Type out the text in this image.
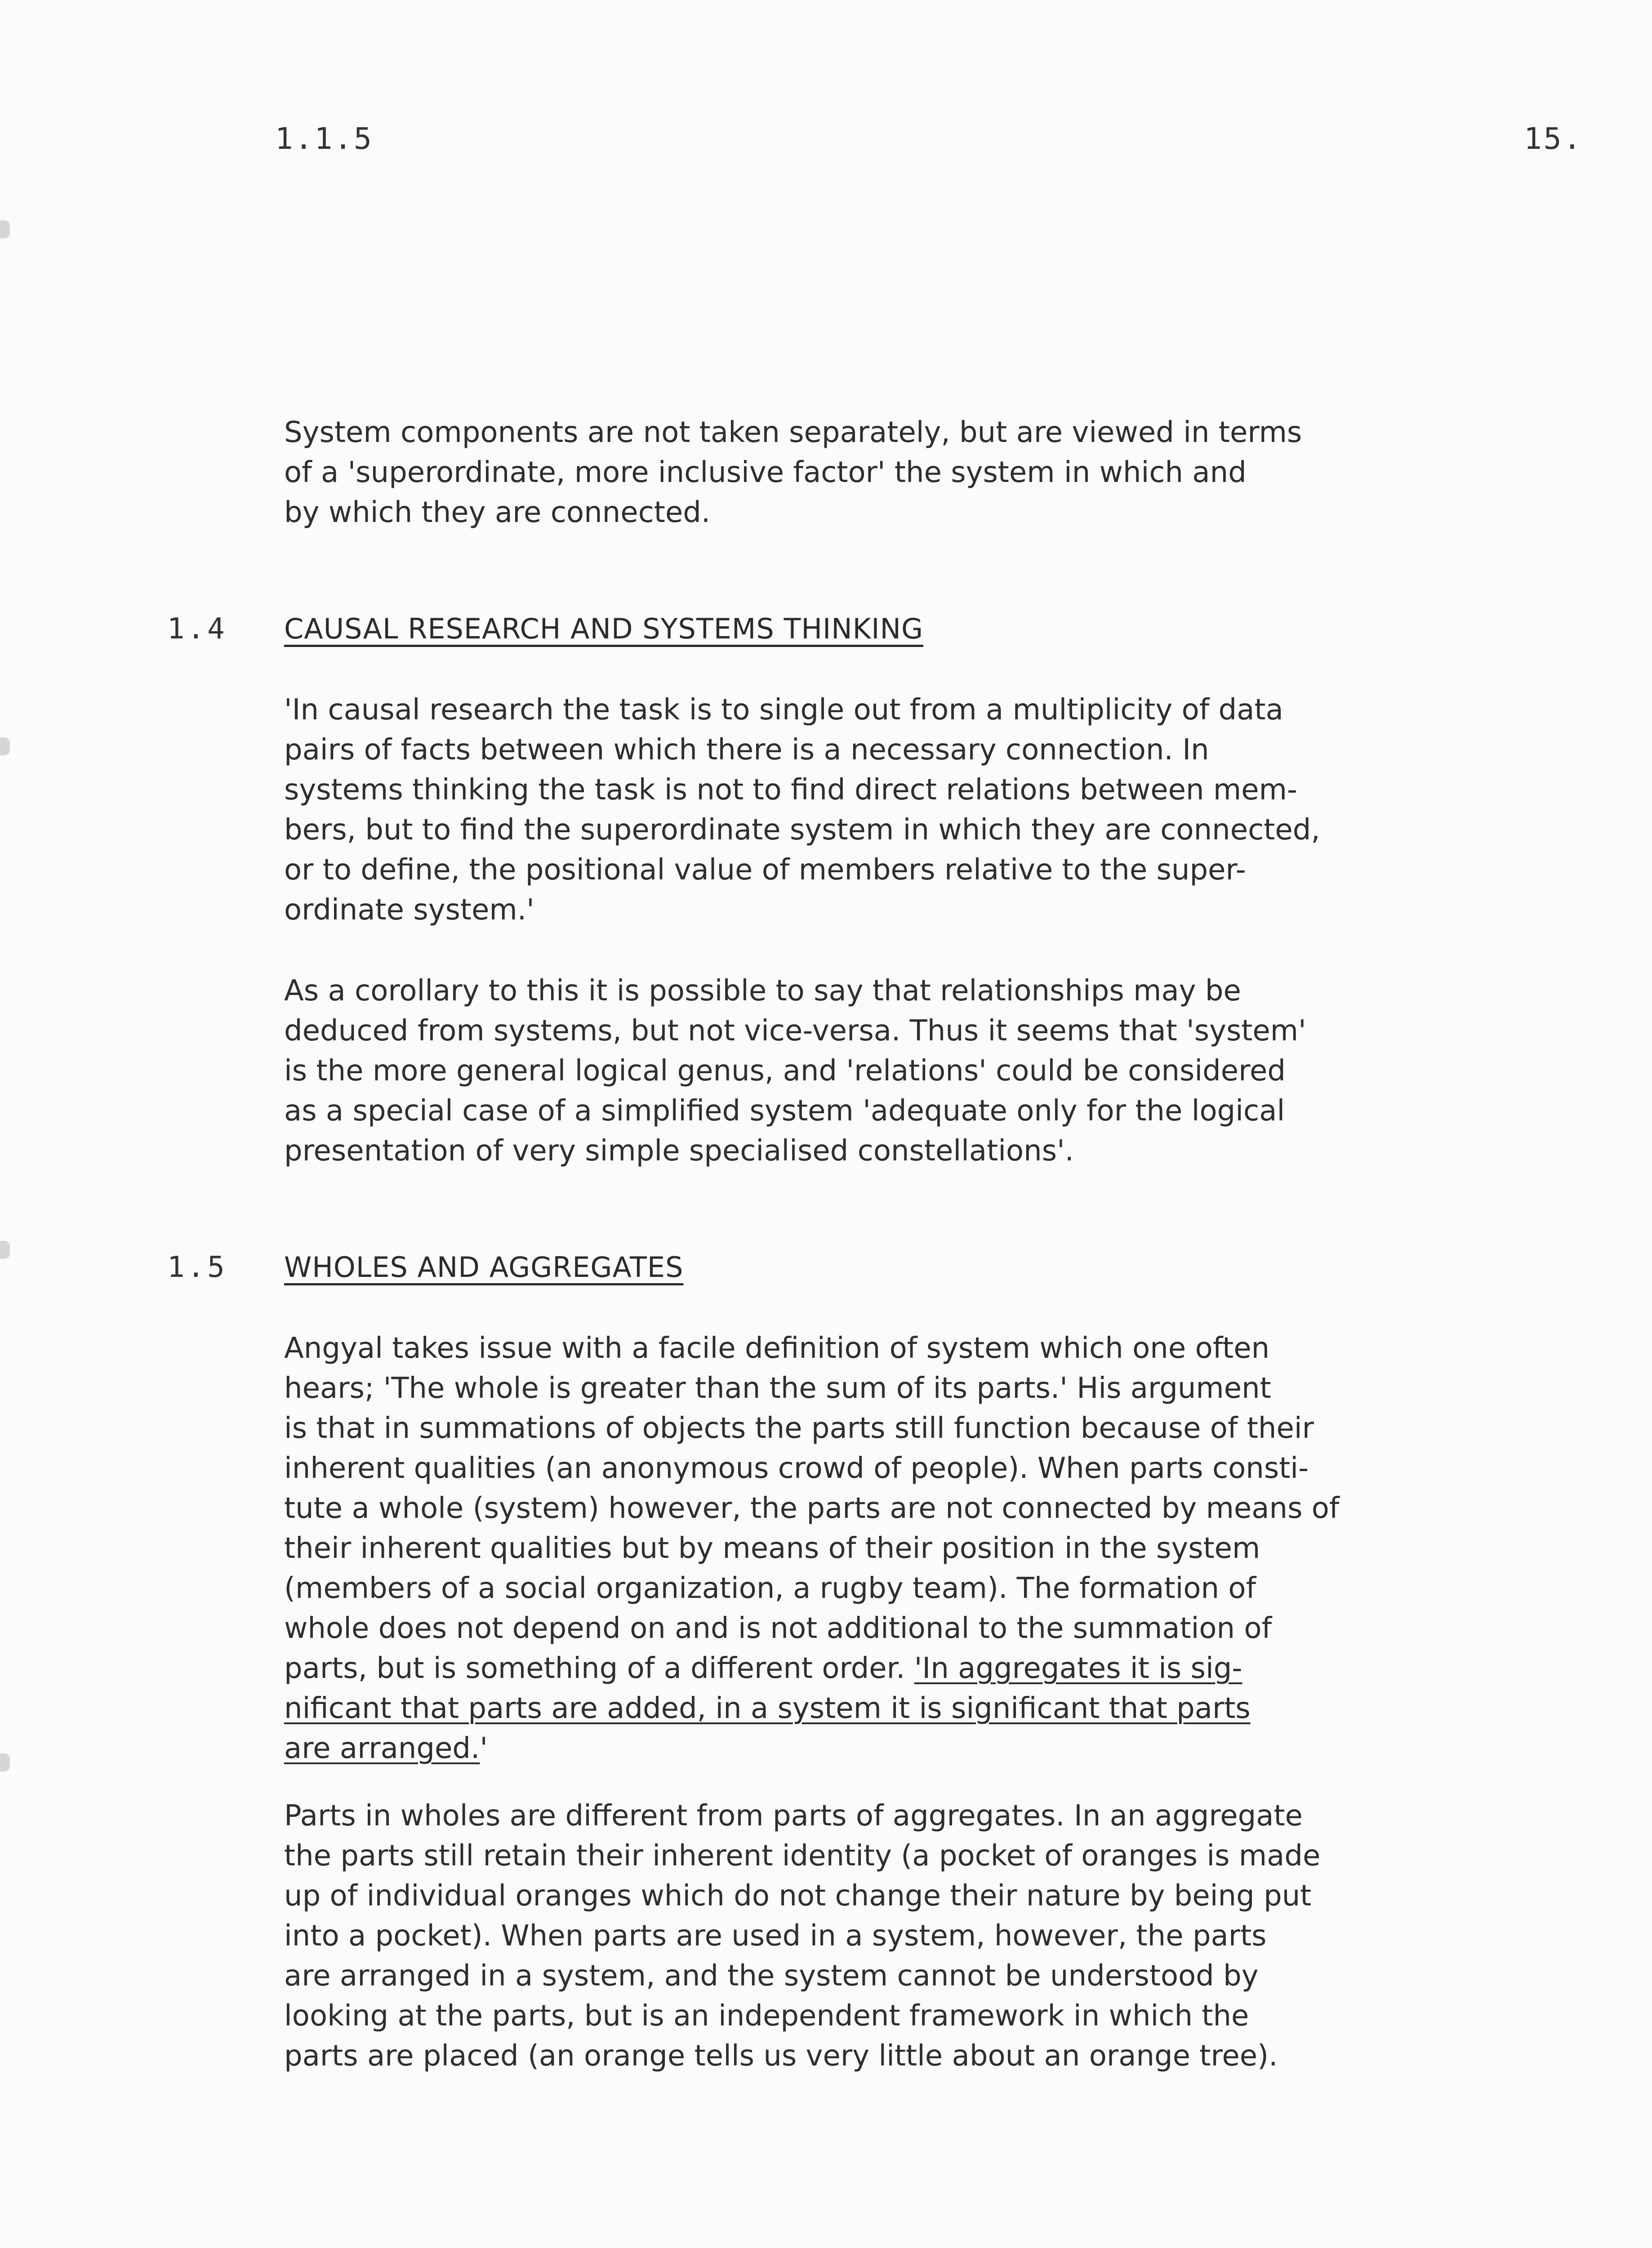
1.1.5	15.

System components are not taken separately, but are viewed in terms
of a 'superordinate, more inclusive factor' the system in which and
by which they are connected.

1.4 CAUSAL RESEARCH AND SYSTEMS THINKING

'In causal research the task is to single out from a multiplicity of data
pairs of facts between which there is a necessary connection. In
systems thinking the task is not to find direct relations between mem-
bers, but to find the superordinate system in which they are connected,
or to define, the positional value of members relative to the super-
ordinate system.'

As a corollary to this it is possible to say that relationships may be
deduced from systems, but not vice-versa. Thus it seems that 'system'
is the more general logical genus, and 'relations' could be considered
as a special case of a simplified system 'adequate only for the logical
presentation of very simple specialised constellations'.

1.5 WHOLES AND AGGREGATES

Angyal takes issue with a facile definition of system which one often
hears; 'The whole is greater than the sum of its parts.' His argument
is that in summations of objects the parts still function because of their
inherent qualities (an anonymous crowd of people). When parts consti-
tute a whole (system) however, the parts are not connected by means of
their inherent qualities but by means of their position in the system
(members of a social organization, a rugby team). The formation of
whole does not depend on and is not additional to the summation of
parts, but is something of a different order. 'In aggregates it is sig-
nificant that parts are added, in a system it is significant that parts
are arranged.'

Parts in wholes are different from parts of aggregates. In an aggregate
the parts still retain their inherent identity (a pocket of oranges is made
up of individual oranges which do not change their nature by being put
into a pocket). When parts are used in a system, however, the parts
are arranged in a system, and the system cannot be understood by
looking at the parts, but is an independent framework in which the
parts are placed (an orange tells us very little about an orange tree).
